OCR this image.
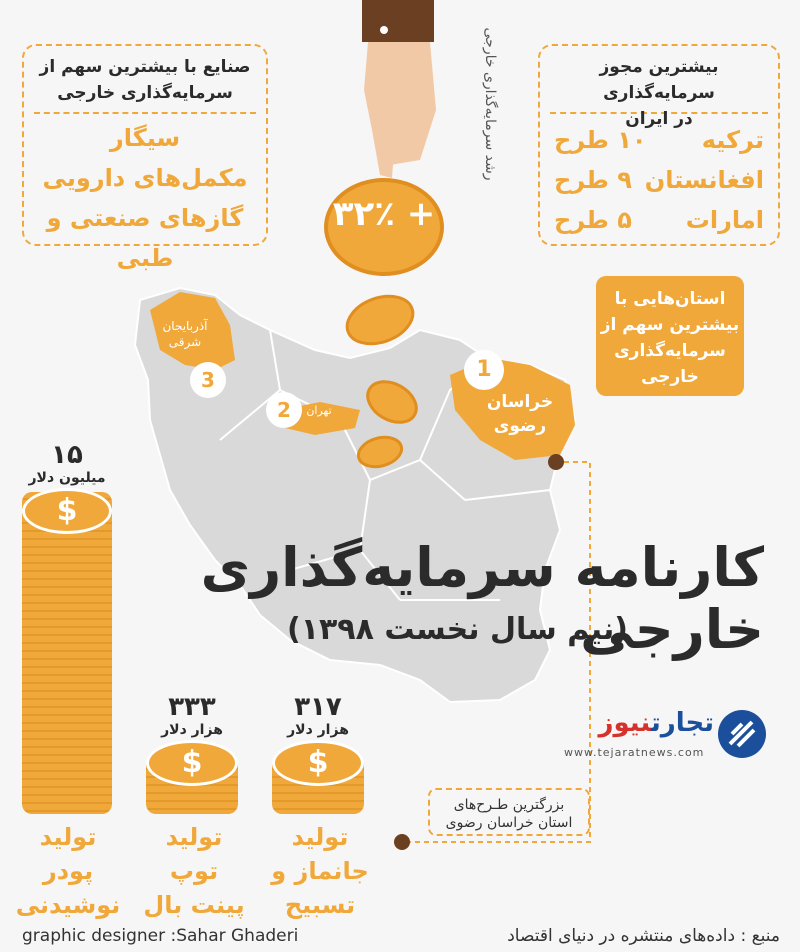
1
خراسان
رضوی
2	تهران
3
آذربایجان
شرقی
رشد سرمایه‌گذاری خارجی
+ ۳۲٪
صنایع با بیشترین سهم از
سرمایه‌گذاری خارجی
سیگار
مکمل‌های دارویی
گازهای صنعتی و طبی
بیشترین مجوز سرمایه‌گذاری
در ایران
ترکیه
۱۰ طرح
افغانستان
۹ طرح
امارات
۵ طرح
استان‌هایی با
بیشترین سهم از
سرمایه‌گذاری
خارجی
کارنامه سرمایه‌گذاری
خارجی
(نیم سال نخست ۱۳۹۸)
تجارتنیوز
www.tejaratnews.com
بزرگترین طـرح‌های
استان خراسان رضوی
۱۵
میلیون دلار
$
۳۳۳
هزار دلار
$
۳۱۷
هزار دلار
$
تولید
پودر
نوشیدنی
تولید
توپ
پینت بال
تولید
جانماز و
تسبیح
graphic designer :Sahar Ghaderi	منبع : داده‌های منتشره در دنیای اقتصاد
